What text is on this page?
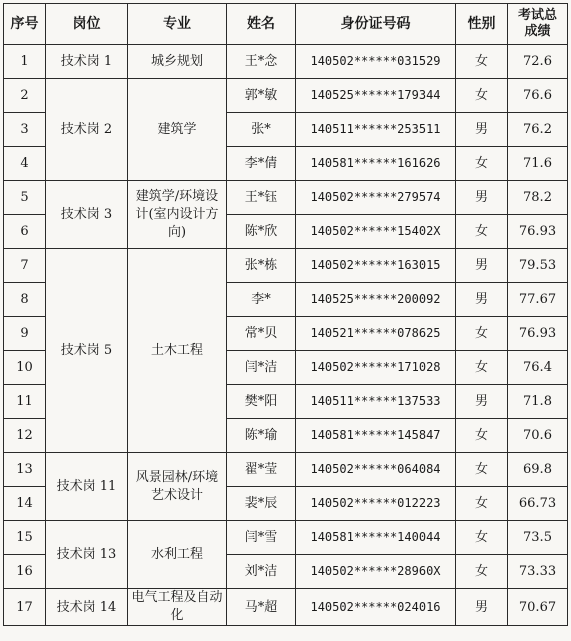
序号	岗位	专业	姓名	身份证号码	性别	考试总
成绩

1	技术岗 1	城乡规划	王*念	140502******031529	女	72.6
2	技术岗 2	建筑学	郭*敏	140525******179344	女	76.6
3			张*	140511******253511	男	76.2
4			李*倩	140581******161626	女	71.6
5	技术岗 3	建筑学/环境设计(室内设计方向)	王*钰	140502******279574	男	78.2
6			陈*欣	140502******15402X	女	76.93
7	技术岗 5	土木工程	张*栋	140502******163015	男	79.53
8			李*	140525******200092	男	77.67
9			常*贝	140521******078625	女	76.93
10			闫*洁	140502******171028	女	76.4
11			樊*阳	140511******137533	男	71.8
12			陈*瑜	140581******145847	女	70.6
13	技术岗 11	风景园林/环境艺术设计	翟*莹	140502******064084	女	69.8
14			裴*辰	140502******012223	女	66.73
15	技术岗 13	水利工程	闫*雪	140581******140044	女	73.5
16			刘*洁	140502******28960X	女	73.33
17	技术岗 14	电气工程及自动化	马*超	140502******024016	男	70.67
